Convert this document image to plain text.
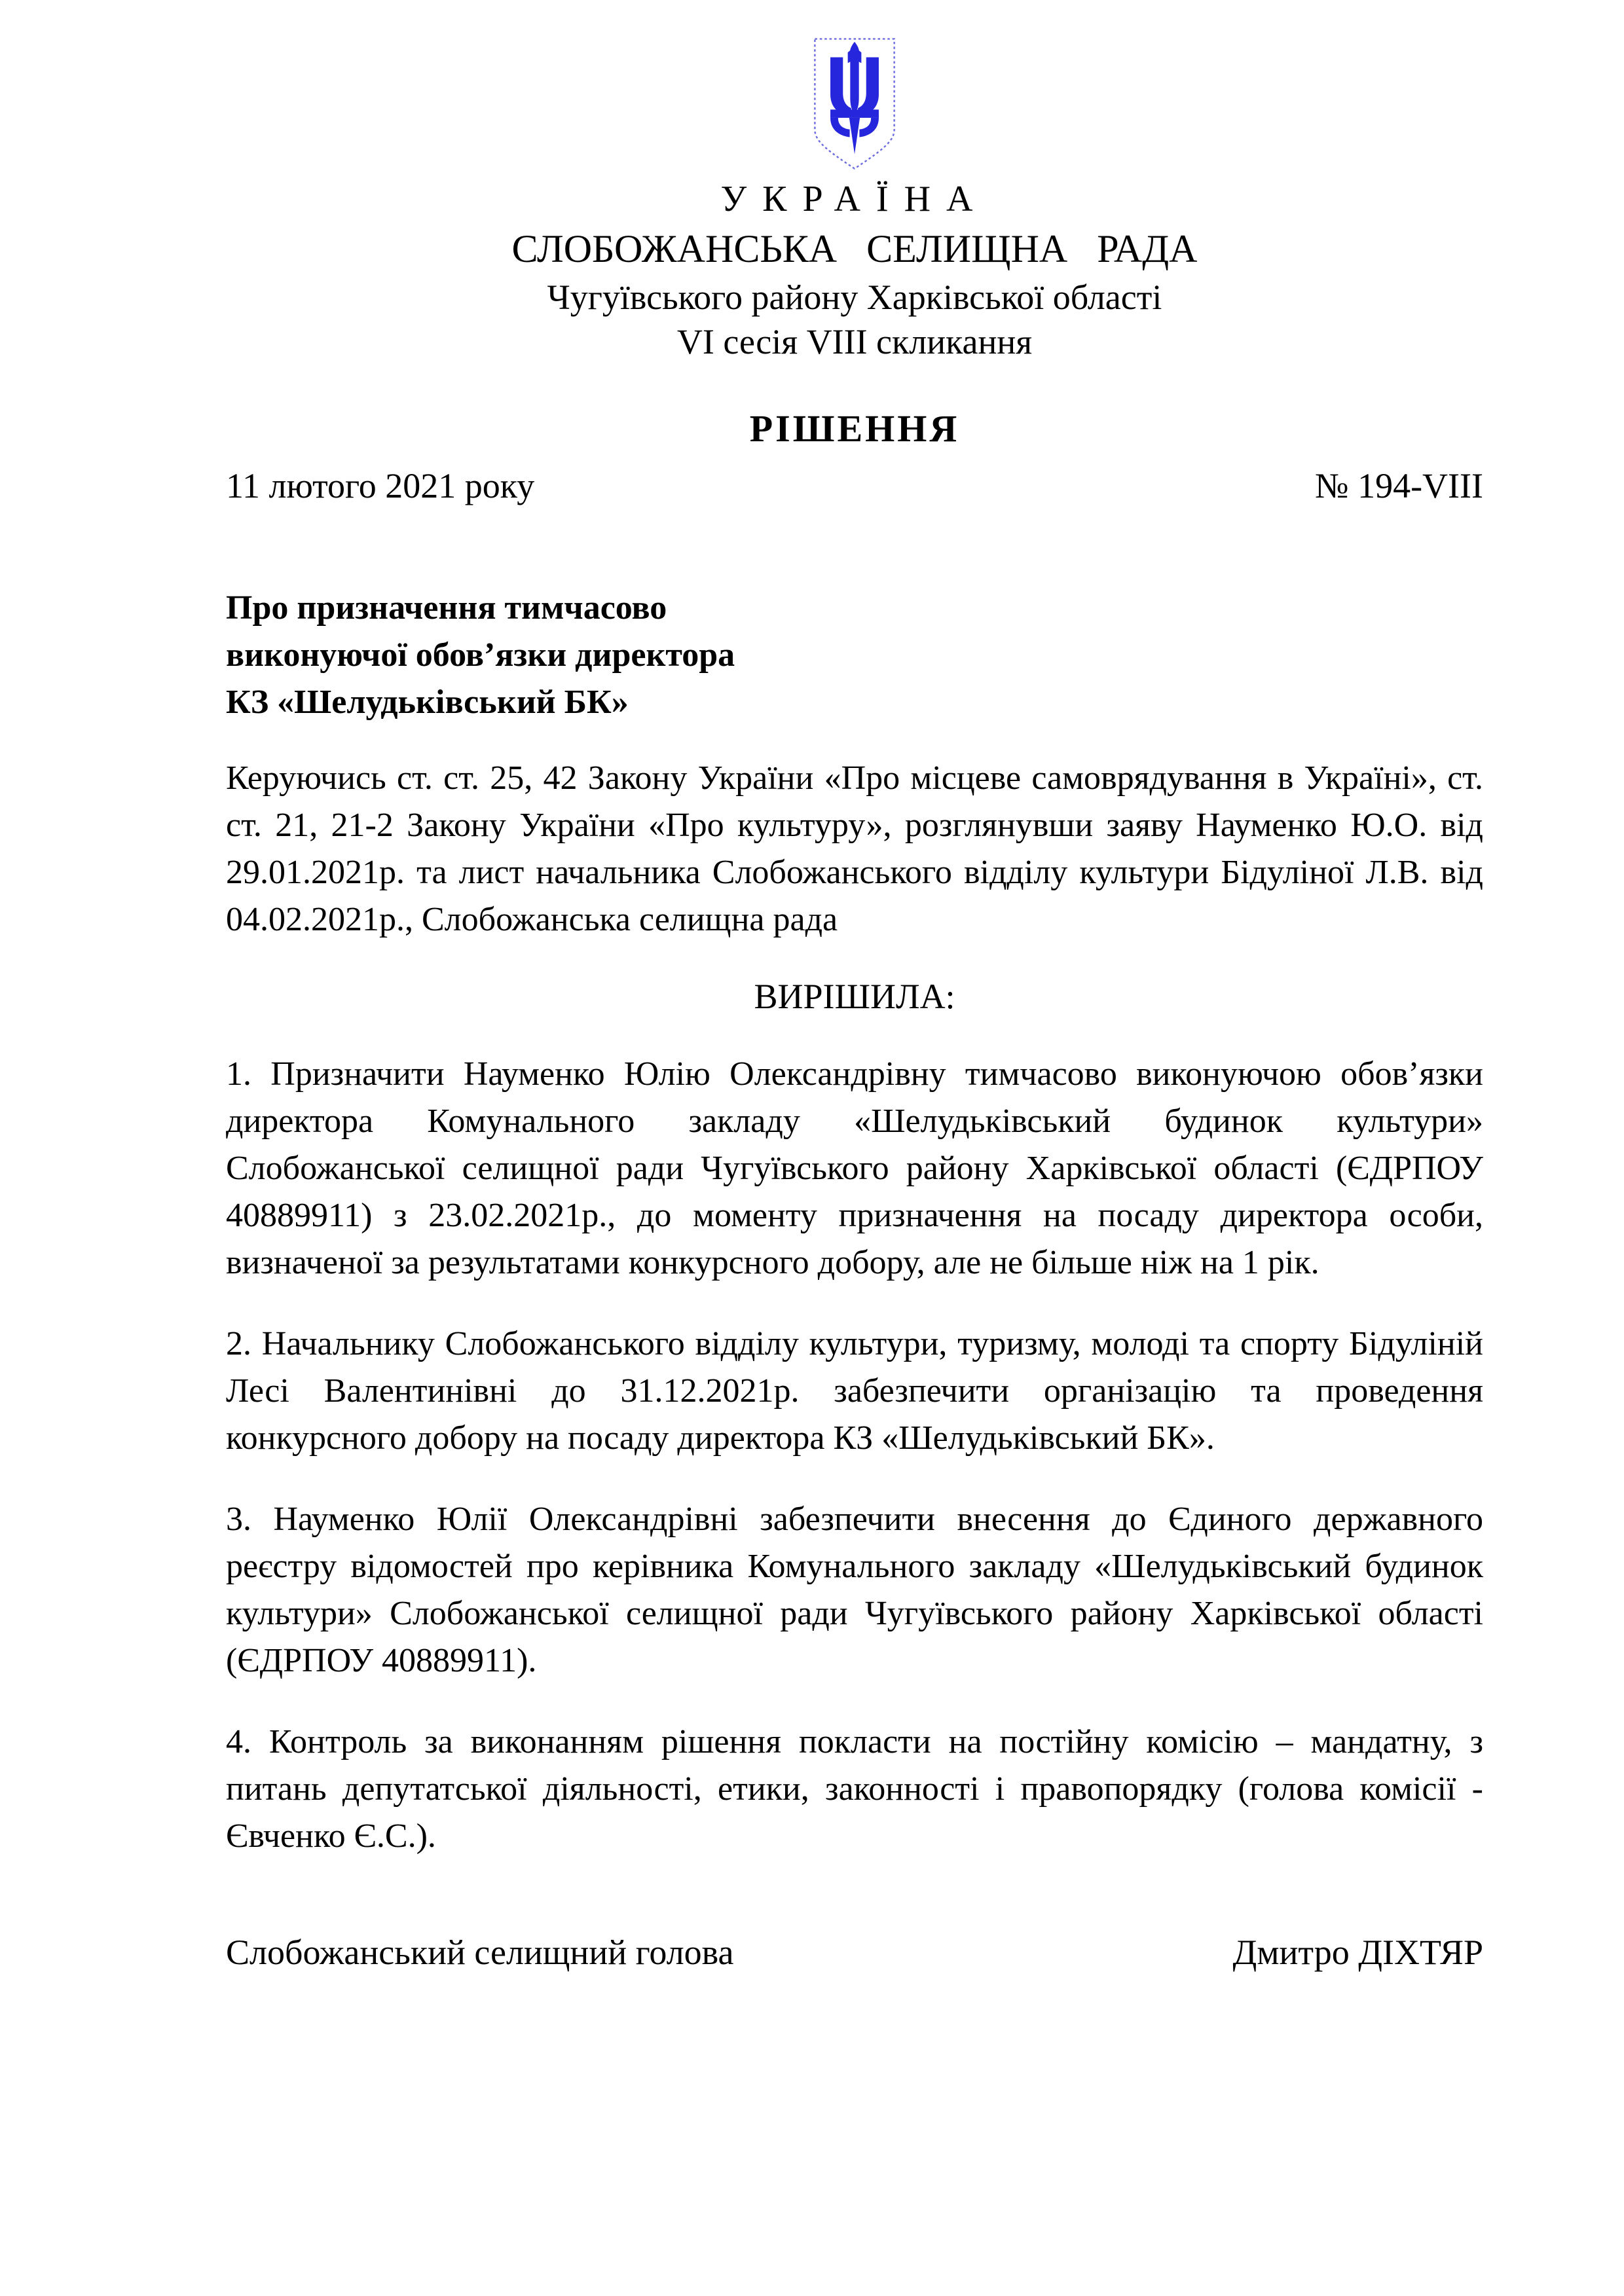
УКРАЇНА
СЛОБОЖАНСЬКА СЕЛИЩНА РАДА
Чугуївського району Харківської області
VI сесія VIII скликання
РІШЕННЯ
11 лютого 2021 року	№ 194-VIII
Про призначення тимчасово
виконуючої обов’язки директора
КЗ «Шелудьківський БК»

Керуючись ст. ст. 25, 42 Закону України «Про місцеве самоврядування в Україні», ст. ст. 21, 21-2 Закону України «Про культуру», розглянувши заяву Науменко Ю.О. від 29.01.2021р. та лист начальника Слобожанського відділу культури Бідуліної Л.В. від 04.02.2021р., Слобожанська селищна рада

ВИРІШИЛА:

1. Призначити Науменко Юлію Олександрівну тимчасово виконуючою обов’язки директора Комунального закладу «Шелудьківський будинок культури» Слобожанської селищної ради Чугуївського району Харківської області (ЄДРПОУ 40889911) з 23.02.2021р., до моменту призначення на посаду директора особи, визначеної за результатами конкурсного добору, але не більше ніж на 1 рік.

2. Начальнику Слобожанського відділу культури, туризму, молоді та спорту Бідуліній Лесі Валентинівні до 31.12.2021р. забезпечити організацію та проведення конкурсного добору на посаду директора КЗ «Шелудьківський БК».

3. Науменко Юлії Олександрівні забезпечити внесення до Єдиного державного реєстру відомостей про керівника Комунального закладу «Шелудьківський будинок культури» Слобожанської селищної ради Чугуївського району Харківської області (ЄДРПОУ 40889911).

4. Контроль за виконанням рішення покласти на постійну комісію – мандатну, з питань депутатської діяльності, етики, законності і правопорядку (голова комісії - Євченко Є.С.).

Слобожанський селищний голова	Дмитро ДІХТЯР
